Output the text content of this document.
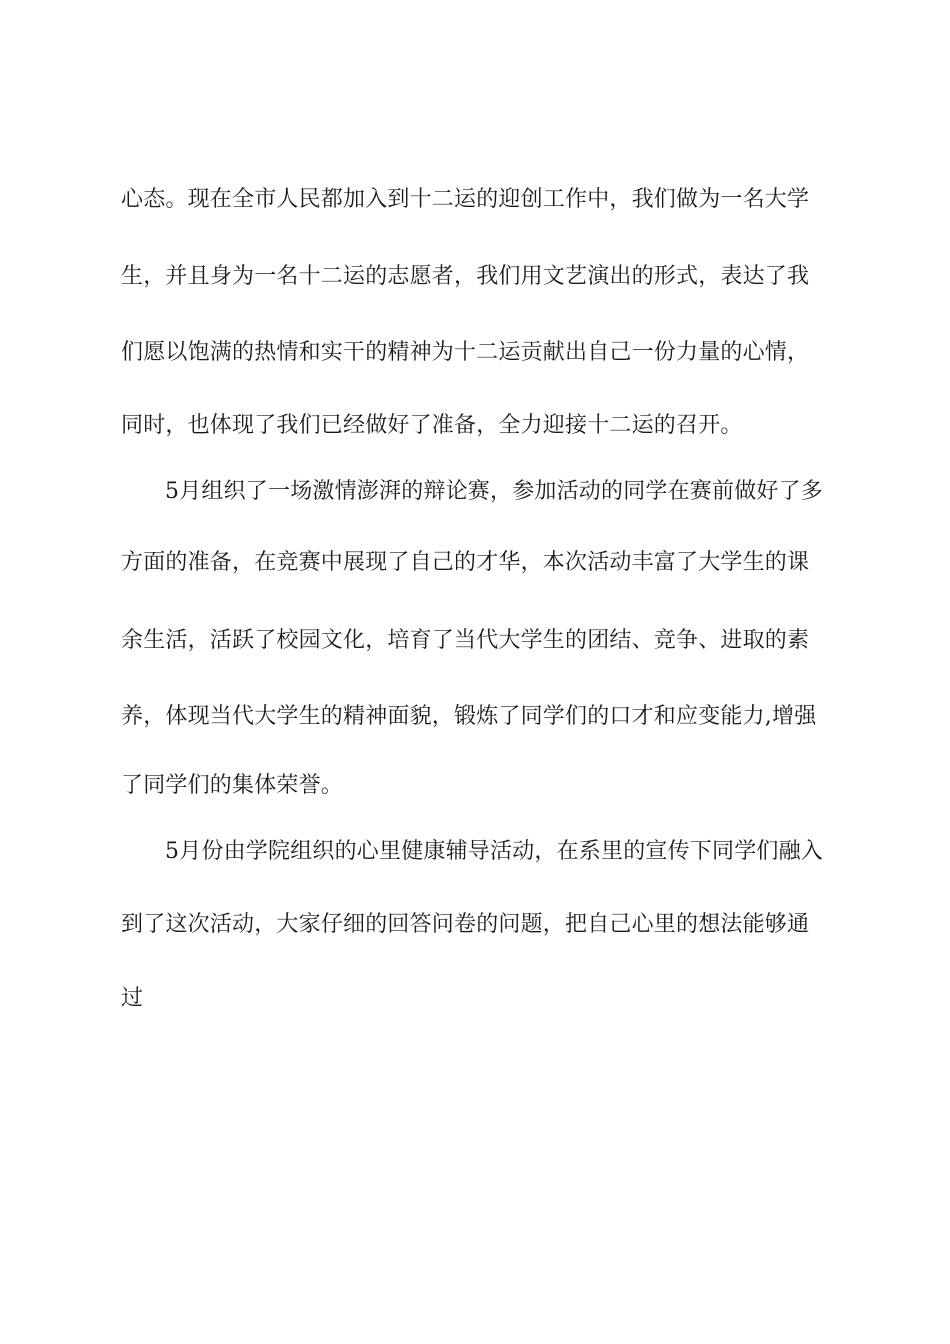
心态。现在全市人民都加入到十二运的迎创工作中，我们做为一名大学
生，并且身为一名十二运的志愿者，我们用文艺演出的形式，表达了我
们愿以饱满的热情和实干的精神为十二运贡献出自己一份力量的心情，
同时，也体现了我们已经做好了准备，全力迎接十二运的召开。
5月组织了一场激情澎湃的辩论赛，参加活动的同学在赛前做好了多
方面的准备，在竞赛中展现了自己的才华，本次活动丰富了大学生的课
余生活，活跃了校园文化，培育了当代大学生的团结、竞争、进取的素
养，体现当代大学生的精神面貌，锻炼了同学们的口才和应变能力,增强
了同学们的集体荣誉。
5月份由学院组织的心里健康辅导活动，在系里的宣传下同学们融入
到了这次活动，大家仔细的回答问卷的问题，把自己心里的想法能够通
过
